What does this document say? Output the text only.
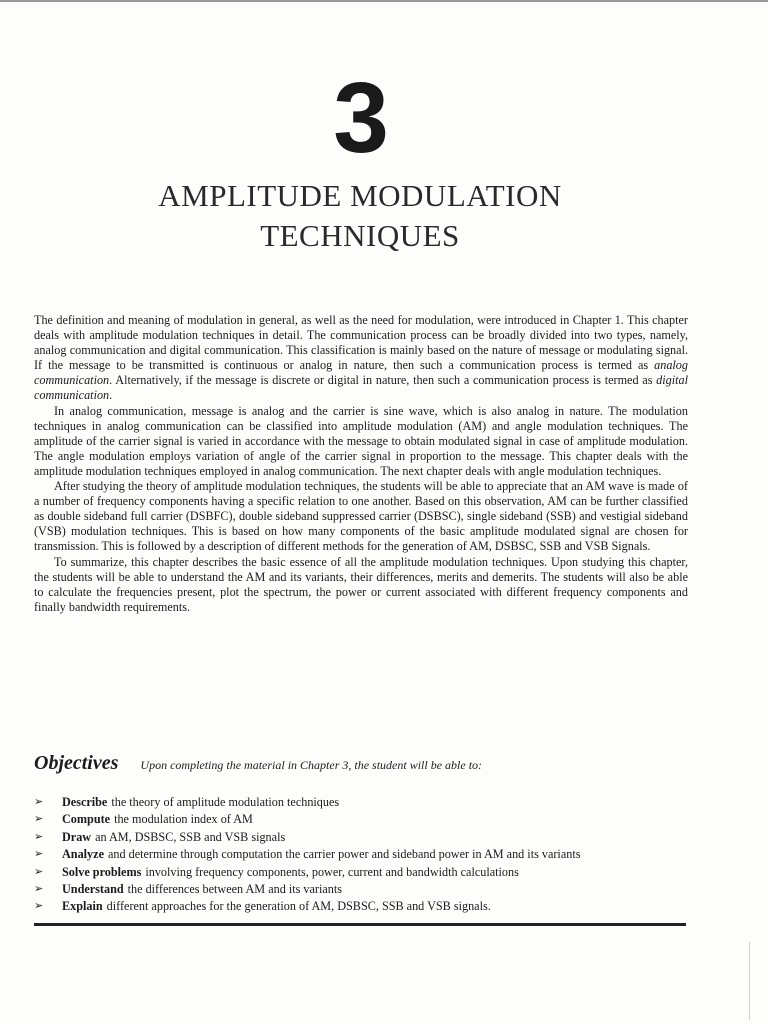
3
AMPLITUDE MODULATION
TECHNIQUES

The definition and meaning of modulation in general, as well as the need for modulation, were introduced in Chapter 1. This chapter deals with amplitude modulation techniques in detail. The communication process can be broadly divided into two types, namely, analog communication and digital communication. This classification is mainly based on the nature of message or modulating signal. If the message to be transmitted is continuous or analog in nature, then such a communication process is termed as analog communication. Alternatively, if the message is discrete or digital in nature, then such a communication process is termed as digital communication.

In analog communication, message is analog and the carrier is sine wave, which is also analog in nature. The modulation techniques in analog communication can be classified into amplitude modulation (AM) and angle modulation techniques. The amplitude of the carrier signal is varied in accordance with the message to obtain modulated signal in case of amplitude modulation. The angle modulation employs variation of angle of the carrier signal in proportion to the message. This chapter deals with the amplitude modulation techniques employed in analog communication. The next chapter deals with angle modulation techniques.

After studying the theory of amplitude modulation techniques, the students will be able to appreciate that an AM wave is made of a number of frequency components having a specific relation to one another. Based on this observation, AM can be further classified as double sideband full carrier (DSBFC), double sideband suppressed carrier (DSBSC), single sideband (SSB) and vestigial sideband (VSB) modulation techniques. This is based on how many components of the basic amplitude modulated signal are chosen for transmission. This is followed by a description of different methods for the generation of AM, DSBSC, SSB and VSB Signals.

To summarize, this chapter describes the basic essence of all the amplitude modulation techniques. Upon studying this chapter, the students will be able to understand the AM and its variants, their differences, merits and demerits. The students will also be able to calculate the frequencies present, plot the spectrum, the power or current associated with different frequency components and finally bandwidth requirements.

Objectives Upon completing the material in Chapter 3, the student will be able to:
➢	Describe the theory of amplitude modulation techniques
➢	Compute the modulation index of AM
➢	Draw an AM, DSBSC, SSB and VSB signals
➢	Analyze and determine through computation the carrier power and sideband power in AM and its variants
➢	Solve problems involving frequency components, power, current and bandwidth calculations
➢	Understand the differences between AM and its variants
➢	Explain different approaches for the generation of AM, DSBSC, SSB and VSB signals.
